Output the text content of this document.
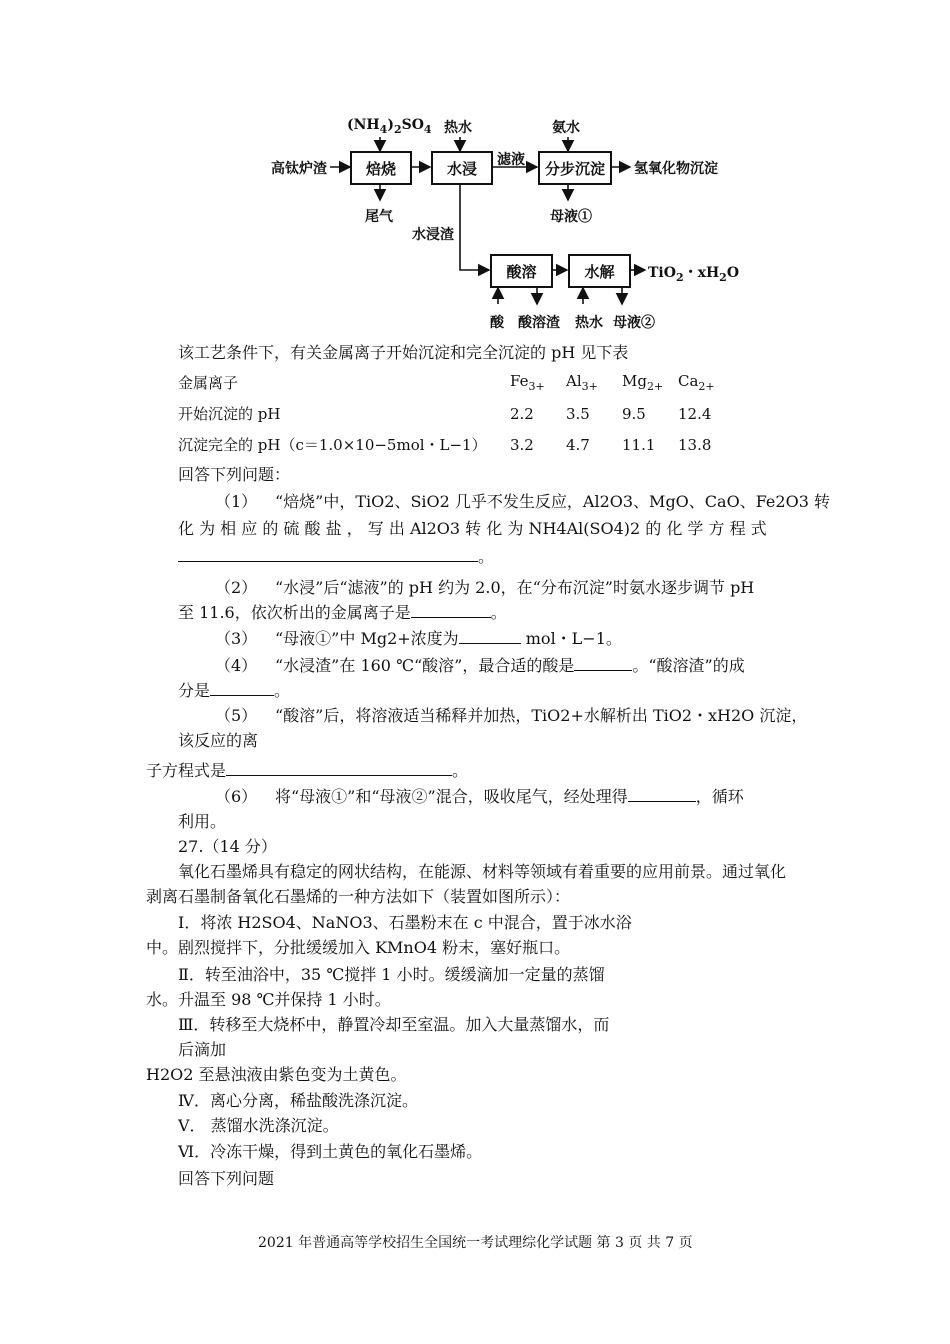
$(NH_4)_2SO_4$ 热水	氨水
高钛炉渣	焙烧	水浸	滤液	分步沉淀	氢氧化物沉淀
尾气	母液①
水浸渣
酸溶	水解	TiO$_2$・$xH_2O$
酸 酸溶渣 热水 母液②
该工艺条件下，有关金属离子开始沉淀和完全沉淀的 pH 见下表
金属离子	$Fe_{3+}$	$Al_{3+}$	$Mg_{2+}$	$Ca_{2+}$
开始沉淀的 pH	2.2	3.5	9.5	12.4
沉淀完全的 pH（c＝1.0×10−5mol・L−1）	3.2	4.7	11.1	13.8
回答下列问题：
（1） “焙烧”中，TiO2、SiO2 几乎不发生反应，Al2O3、MgO、CaO、Fe2O3 转
化 为 相 应 的 硫 酸 盐 ， 写 出 Al2O3 转 化 为 NH4Al(SO4)2 的 化 学 方 程 式
。
（2） “水浸”后“滤液”的 pH 约为 2.0，在“分布沉淀”时氨水逐步调节 pH
至 11.6，依次析出的金属离子是	。
（3） “母液①”中 Mg2+浓度为	mol・L−1。
（4） “水浸渣”在 160 ℃“酸溶”，最合适的酸是	。“酸溶渣”的成
分是	。
（5） “酸溶”后，将溶液适当稀释并加热，TiO2+水解析出 TiO2・xH2O 沉淀，
该反应的离
子方程式是	。
（6） 将“母液①”和“母液②”混合，吸收尾气，经处理得	，循环
利用。
27.（14 分）
氧化石墨烯具有稳定的网状结构，在能源、材料等领域有着重要的应用前景。通过氧化
剥离石墨制备氧化石墨烯的一种方法如下（装置如图所示）：
Ⅰ．将浓 H2SO4、NaNO3、石墨粉末在 c 中混合，置于冰水浴
中。剧烈搅拌下，分批缓缓加入 KMnO4 粉末，塞好瓶口。
Ⅱ．转至油浴中，35 ℃搅拌 1 小时。缓缓滴加一定量的蒸馏
水。升温至 98 ℃并保持 1 小时。
Ⅲ．转移至大烧杯中，静置冷却至室温。加入大量蒸馏水，而
后滴加
H2O2 至悬浊液由紫色变为土黄色。
Ⅳ．离心分离，稀盐酸洗涤沉淀。
Ⅴ． 蒸馏水洗涤沉淀。
Ⅵ．冷冻干燥，得到土黄色的氧化石墨烯。
回答下列问题
2021 年普通高等学校招生全国统一考试理综化学试题 第 3 页 共 7 页
